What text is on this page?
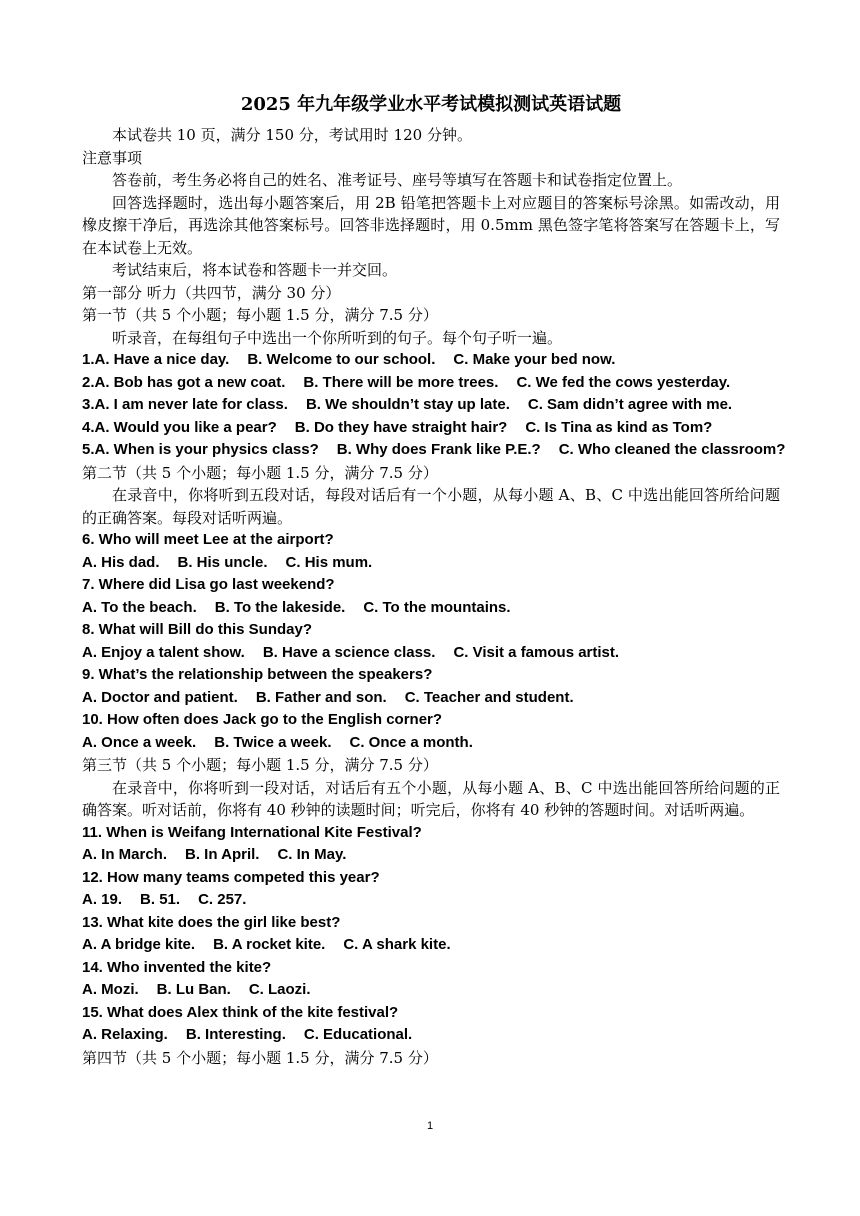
2025 年九年级学业水平考试模拟测试英语试题

本试卷共 10 页，满分 150 分，考试用时 120 分钟。

注意事项

答卷前，考生务必将自己的姓名、准考证号、座号等填写在答题卡和试卷指定位置上。

回答选择题时，选出每小题答案后，用 2B 铅笔把答题卡上对应题目的答案标号涂黑。如需改动，用橡皮擦干净后，再选涂其他答案标号。回答非选择题时，用 0.5mm 黑色签字笔将答案写在答题卡上，写在本试卷上无效。

考试结束后，将本试卷和答题卡一并交回。

第一部分 听力（共四节，满分 30 分）

第一节（共 5 个小题；每小题 1.5 分，满分 7.5 分）

听录音，在每组句子中选出一个你所听到的句子。每个句子听一遍。

1.A. Have a nice day. B. Welcome to our school. C. Make your bed now.

2.A. Bob has got a new coat. B. There will be more trees. C. We fed the cows yesterday.

3.A. I am never late for class. B. We shouldn’t stay up late. C. Sam didn’t agree with me.

4.A. Would you like a pear? B. Do they have straight hair? C. Is Tina as kind as Tom?

5.A. When is your physics class? B. Why does Frank like P.E.? C. Who cleaned the classroom?

第二节（共 5 个小题；每小题 1.5 分，满分 7.5 分）

在录音中，你将听到五段对话，每段对话后有一个小题，从每小题 A、B、C 中选出能回答所给问题的正确答案。每段对话听两遍。

6. Who will meet Lee at the airport?

A. His dad. B. His uncle. C. His mum.

7. Where did Lisa go last weekend?

A. To the beach. B. To the lakeside. C. To the mountains.

8. What will Bill do this Sunday?

A. Enjoy a talent show. B. Have a science class. C. Visit a famous artist.

9. What’s the relationship between the speakers?

A. Doctor and patient. B. Father and son. C. Teacher and student.

10. How often does Jack go to the English corner?

A. Once a week. B. Twice a week. C. Once a month.

第三节（共 5 个小题；每小题 1.5 分，满分 7.5 分）

在录音中，你将听到一段对话，对话后有五个小题，从每小题 A、B、C 中选出能回答所给问题的正确答案。听对话前，你将有 40 秒钟的读题时间；听完后，你将有 40 秒钟的答题时间。对话听两遍。

11. When is Weifang International Kite Festival?

A. In March. B. In April. C. In May.

12. How many teams competed this year?

A. 19. B. 51. C. 257.

13. What kite does the girl like best?

A. A bridge kite. B. A rocket kite. C. A shark kite.

14. Who invented the kite?

A. Mozi. B. Lu Ban. C. Laozi.

15. What does Alex think of the kite festival?

A. Relaxing. B. Interesting. C. Educational.

第四节（共 5 个小题；每小题 1.5 分，满分 7.5 分）

1
